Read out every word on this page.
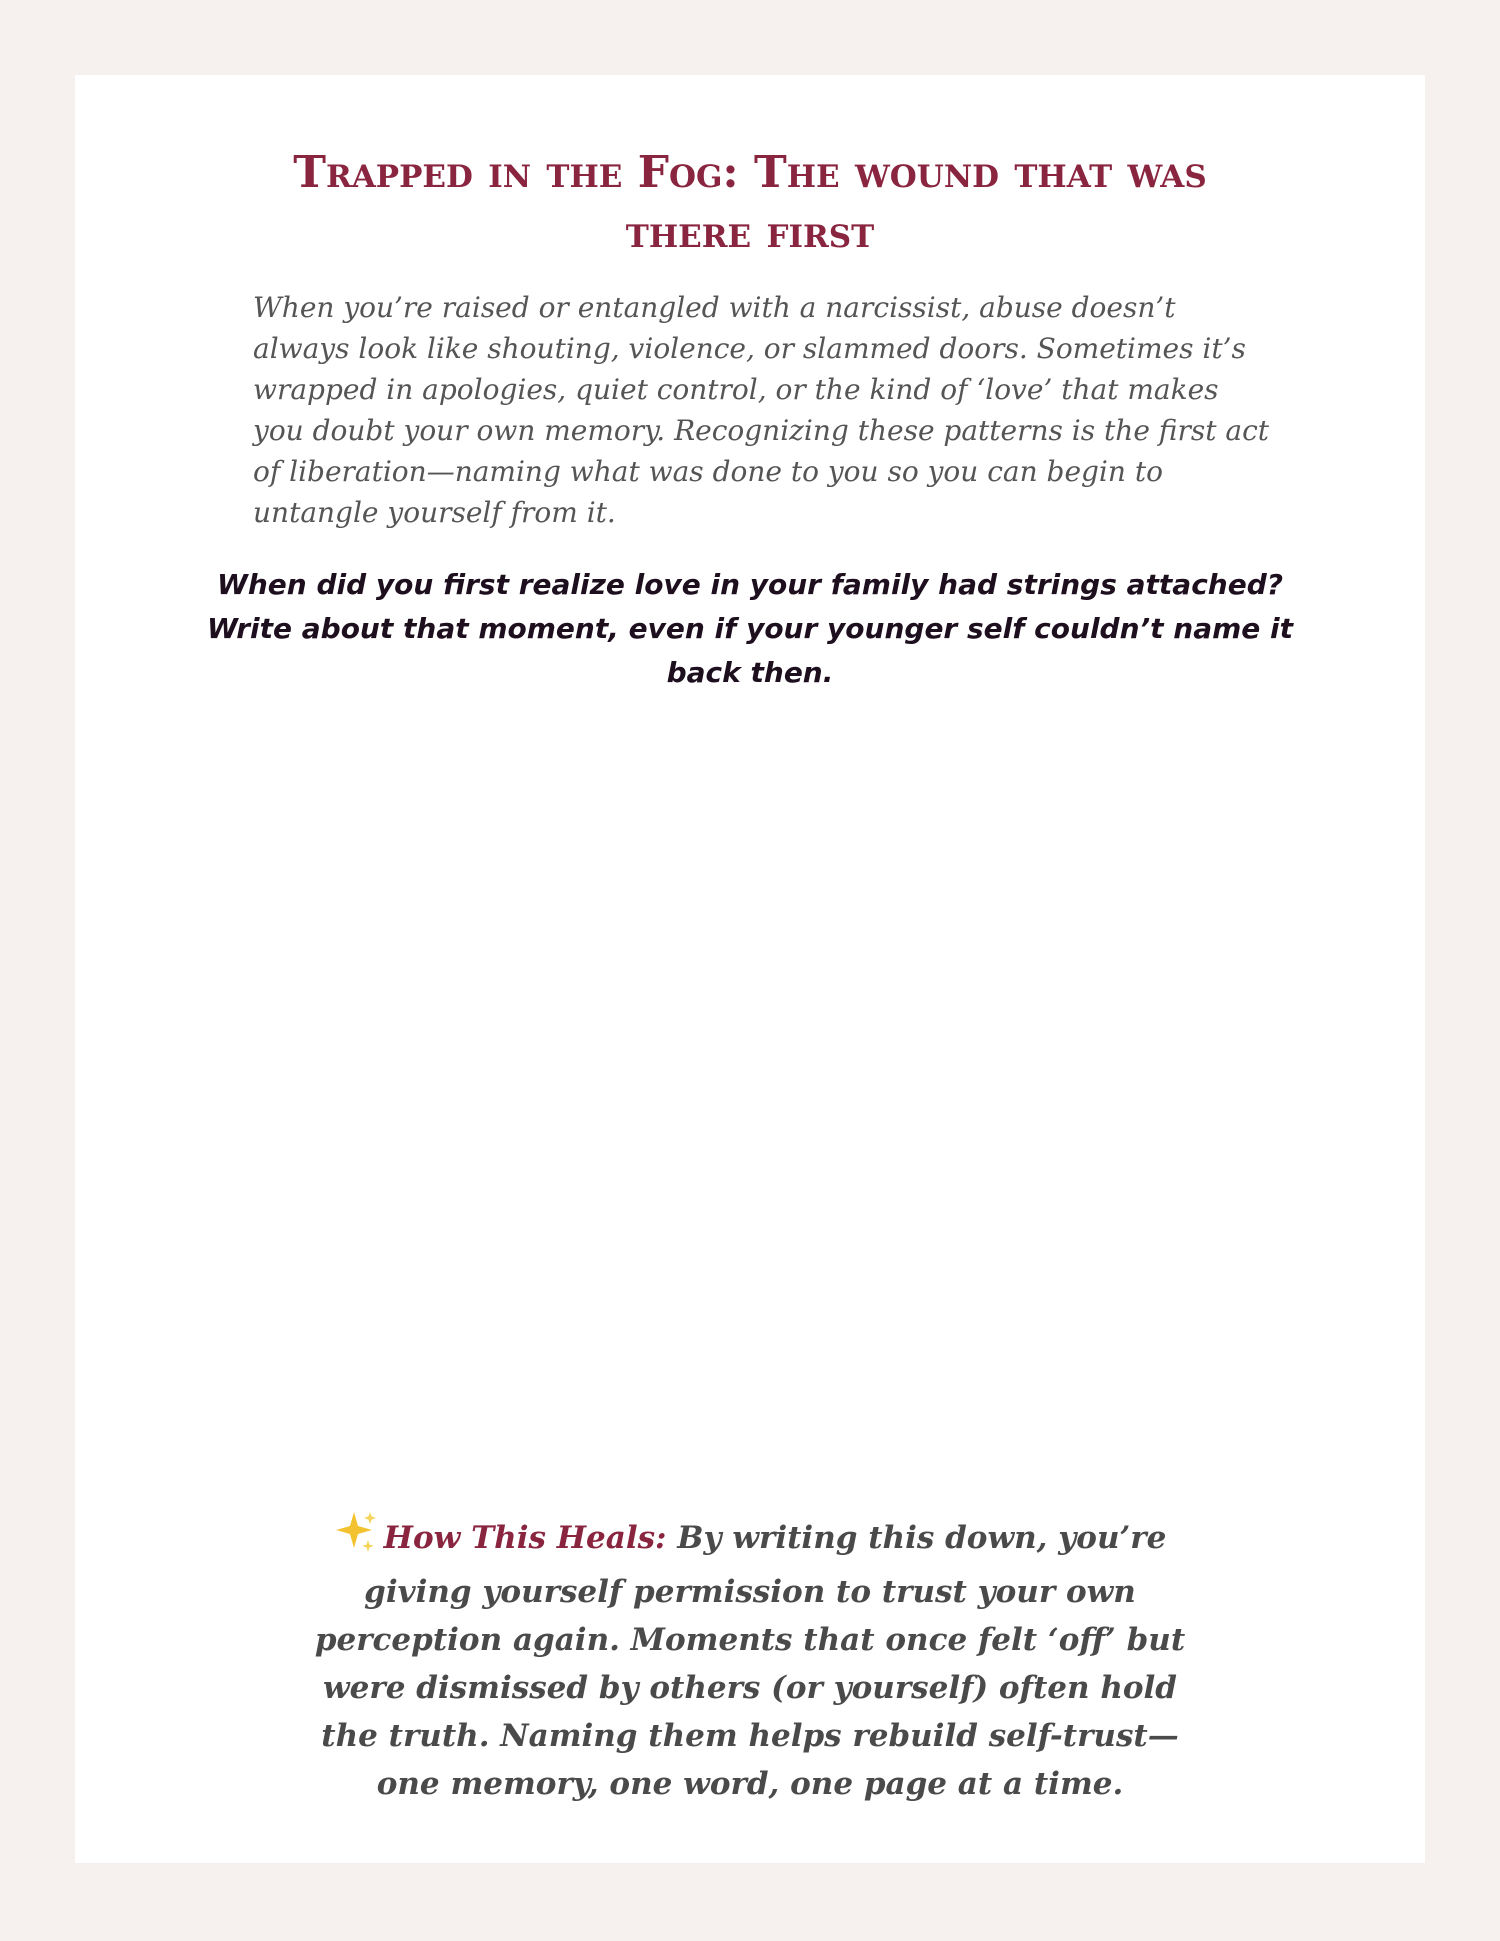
Trapped in the Fog: The wound that was there first

When you’re raised or entangled with a narcissist, abuse doesn’t always look like shouting, violence, or slammed doors. Sometimes it’s wrapped in apologies, quiet control, or the kind of ‘love’ that makes you doubt your own memory. Recognizing these patterns is the first act of liberation—naming what was done to you so you can begin to untangle yourself from it.

When did you first realize love in your family had strings attached? Write about that moment, even if your younger self couldn’t name it back then.

How This Heals: By writing this down, you’re giving yourself permission to trust your own perception again. Moments that once felt ‘off’ but were dismissed by others (or yourself) often hold the truth. Naming them helps rebuild self-trust—one memory, one word, one page at a time.
